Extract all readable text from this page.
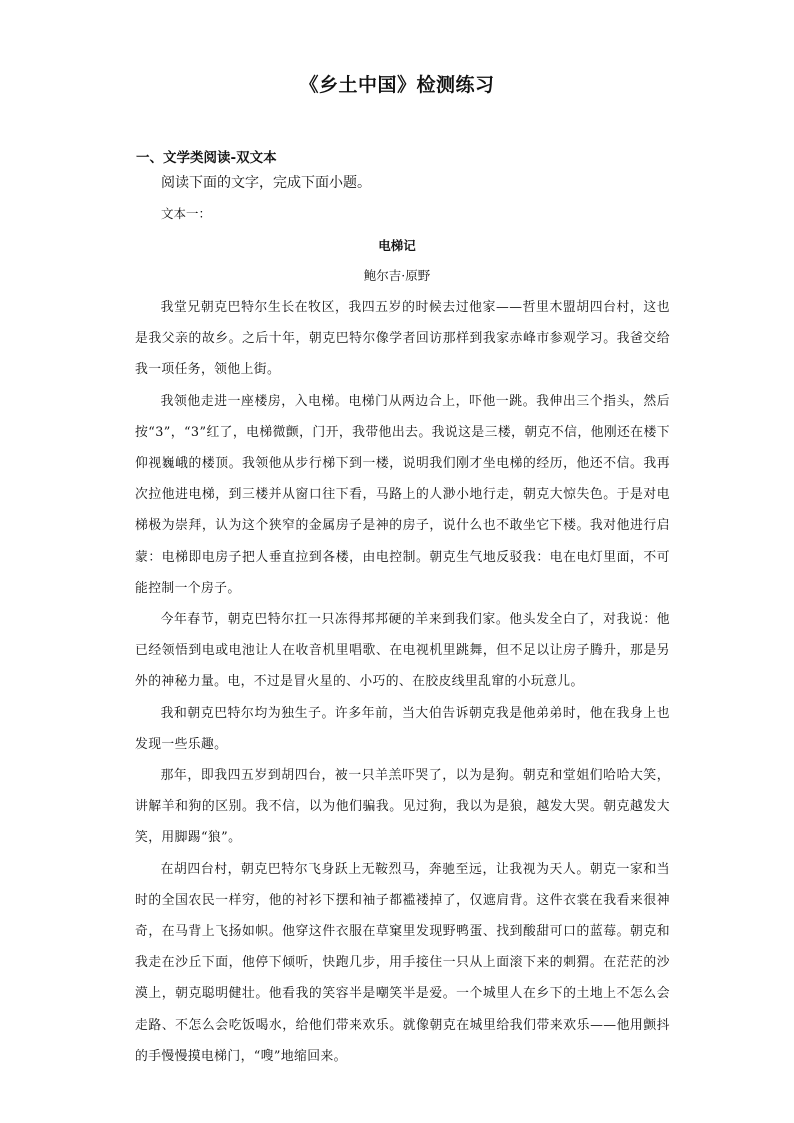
《乡土中国》检测练习
一、文学类阅读-双文本
阅读下面的文字，完成下面小题。
文本一：
电梯记
鲍尔吉·原野

我堂兄朝克巴特尔生长在牧区，我四五岁的时候去过他家——哲里木盟胡四台村，这也是我父亲的故乡。之后十年，朝克巴特尔像学者回访那样到我家赤峰市参观学习。我爸交给我一项任务，领他上街。

我领他走进一座楼房，入电梯。电梯门从两边合上，吓他一跳。我伸出三个指头，然后按“3”，“3”红了，电梯微颤，门开，我带他出去。我说这是三楼，朝克不信，他刚还在楼下仰视巍峨的楼顶。我领他从步行梯下到一楼，说明我们刚才坐电梯的经历，他还不信。我再次拉他进电梯，到三楼并从窗口往下看，马路上的人渺小地行走，朝克大惊失色。于是对电梯极为崇拜，认为这个狭窄的金属房子是神的房子，说什么也不敢坐它下楼。我对他进行启蒙：电梯即电房子把人垂直拉到各楼，由电控制。朝克生气地反驳我：电在电灯里面，不可能控制一个房子。

今年春节，朝克巴特尔扛一只冻得邦邦硬的羊来到我们家。他头发全白了，对我说：他已经领悟到电或电池让人在收音机里唱歌、在电视机里跳舞，但不足以让房子腾升，那是另外的神秘力量。电，不过是冒火星的、小巧的、在胶皮线里乱窜的小玩意儿。

我和朝克巴特尔均为独生子。许多年前，当大伯告诉朝克我是他弟弟时，他在我身上也发现一些乐趣。

那年，即我四五岁到胡四台，被一只羊羔吓哭了，以为是狗。朝克和堂姐们哈哈大笑，讲解羊和狗的区别。我不信，以为他们骗我。见过狗，我以为是狼，越发大哭。朝克越发大笑，用脚踢“狼”。

在胡四台村，朝克巴特尔飞身跃上无鞍烈马，奔驰至远，让我视为天人。朝克一家和当时的全国农民一样穷，他的衬衫下摆和袖子都褴褛掉了，仅遮肩背。这件衣裳在我看来很神奇，在马背上飞扬如帜。他穿这件衣服在草窠里发现野鸭蛋、找到酸甜可口的蓝莓。朝克和我走在沙丘下面，他停下倾听，快跑几步，用手接住一只从上面滚下来的刺猬。在茫茫的沙漠上，朝克聪明健壮。他看我的笑容半是嘲笑半是爱。一个城里人在乡下的土地上不怎么会走路、不怎么会吃饭喝水，给他们带来欢乐。就像朝克在城里给我们带来欢乐——他用颤抖的手慢慢摸电梯门，“嗖”地缩回来。
